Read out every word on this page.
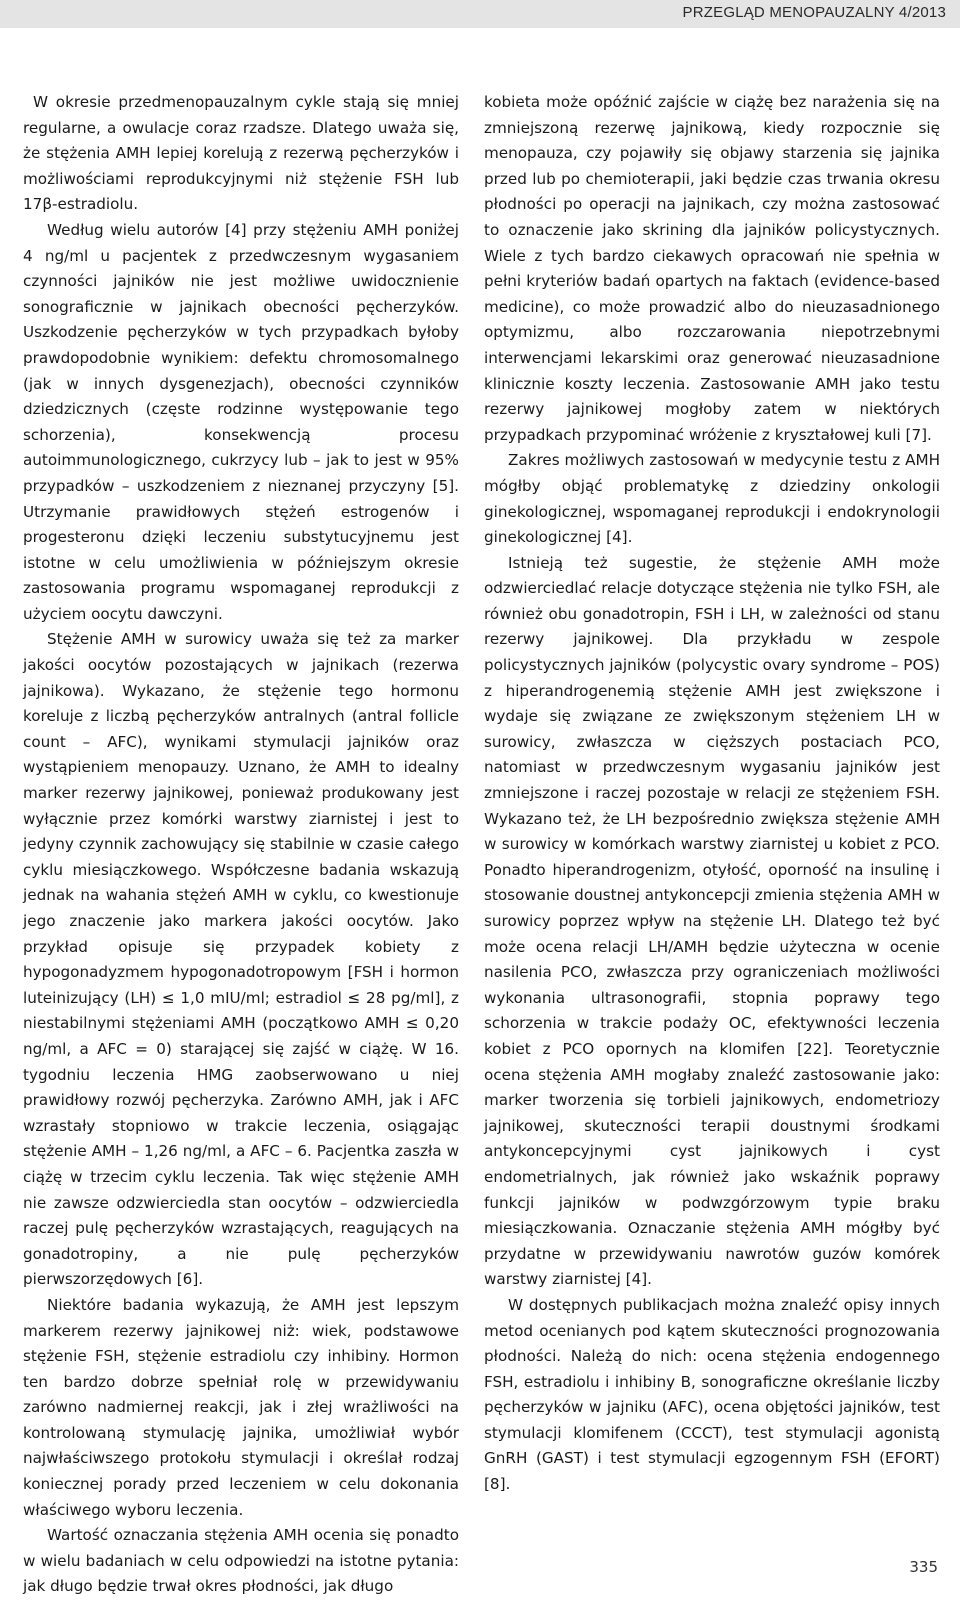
PRZEGLĄD MENOPAUZALNY 4/2013

W okresie przedmenopauzalnym cykle stają się mniej regularne, a owulacje coraz rzadsze. Dlatego uważa się, że stężenia AMH lepiej korelują z rezerwą pęcherzyków i możliwościami reprodukcyjnymi niż stężenie FSH lub 17β-estradiolu.

Według wielu autorów [4] przy stężeniu AMH poniżej 4 ng/ml u pacjentek z przedwczesnym wygasaniem czynności jajników nie jest możliwe uwidocznienie sonograficznie w jajnikach obecności pęcherzyków. Uszkodzenie pęcherzyków w tych przypadkach byłoby prawdopodobnie wynikiem: defektu chromosomalnego (jak w innych dysgenezjach), obecności czynników dziedzicznych (częste rodzinne występowanie tego schorzenia), konsekwencją procesu autoimmunologicznego, cukrzycy lub – jak to jest w 95% przypadków – uszkodzeniem z nieznanej przyczyny [5]. Utrzymanie prawidłowych stężeń estrogenów i progesteronu dzięki leczeniu substytucyjnemu jest istotne w celu umożliwienia w późniejszym okresie zastosowania programu wspomaganej reprodukcji z użyciem oocytu dawczyni.

Stężenie AMH w surowicy uważa się też za marker jakości oocytów pozostających w jajnikach (rezerwa jajnikowa). Wykazano, że stężenie tego hormonu koreluje z liczbą pęcherzyków antralnych (antral follicle count – AFC), wynikami stymulacji jajników oraz wystąpieniem menopauzy. Uznano, że AMH to idealny marker rezerwy jajnikowej, ponieważ produkowany jest wyłącznie przez komórki warstwy ziarnistej i jest to jedyny czynnik zachowujący się stabilnie w czasie całego cyklu miesiączkowego. Współczesne badania wskazują jednak na wahania stężeń AMH w cyklu, co kwestionuje jego znaczenie jako markera jakości oocytów. Jako przykład opisuje się przypadek kobiety z hypogonadyzmem hypogonadotropowym [FSH i hormon luteinizujący (LH) ≤ 1,0 mIU/ml; estradiol ≤ 28 pg/ml], z niestabilnymi stężeniami AMH (początkowo AMH ≤ 0,20 ng/ml, a AFC = 0) starającej się zajść w ciążę. W 16. tygodniu leczenia HMG zaobserwowano u niej prawidłowy rozwój pęcherzyka. Zarówno AMH, jak i AFC wzrastały stopniowo w trakcie leczenia, osiągając stężenie AMH – 1,26 ng/ml, a AFC – 6. Pacjentka zaszła w ciążę w trzecim cyklu leczenia. Tak więc stężenie AMH nie zawsze odzwierciedla stan oocytów – odzwierciedla raczej pulę pęcherzyków wzrastających, reagujących na gonadotropiny, a nie pulę pęcherzyków pierwszorzędowych [6].

Niektóre badania wykazują, że AMH jest lepszym markerem rezerwy jajnikowej niż: wiek, podstawowe stężenie FSH, stężenie estradiolu czy inhibiny. Hormon ten bardzo dobrze spełniał rolę w przewidywaniu zarówno nadmiernej reakcji, jak i złej wrażliwości na kontrolowaną stymulację jajnika, umożliwiał wybór najwłaściwszego protokołu stymulacji i określał rodzaj koniecznej porady przed leczeniem w celu dokonania właściwego wyboru leczenia.

Wartość oznaczania stężenia AMH ocenia się ponadto w wielu badaniach w celu odpowiedzi na istotne pytania: jak długo będzie trwał okres płodności, jak długo

kobieta może opóźnić zajście w ciążę bez narażenia się na zmniejszoną rezerwę jajnikową, kiedy rozpocznie się menopauza, czy pojawiły się objawy starzenia się jajnika przed lub po chemioterapii, jaki będzie czas trwania okresu płodności po operacji na jajnikach, czy można zastosować to oznaczenie jako skrining dla jajników policystycznych. Wiele z tych bardzo ciekawych opracowań nie spełnia w pełni kryteriów badań opartych na faktach (evidence-based medicine), co może prowadzić albo do nieuzasadnionego optymizmu, albo rozczarowania niepotrzebnymi interwencjami lekarskimi oraz generować nieuzasadnione klinicznie koszty leczenia. Zastosowanie AMH jako testu rezerwy jajnikowej mogłoby zatem w niektórych przypadkach przypominać wróżenie z kryształowej kuli [7].

Zakres możliwych zastosowań w medycynie testu z AMH mógłby objąć problematykę z dziedziny onkologii ginekologicznej, wspomaganej reprodukcji i endokrynologii ginekologicznej [4].

Istnieją też sugestie, że stężenie AMH może odzwierciedlać relacje dotyczące stężenia nie tylko FSH, ale również obu gonadotropin, FSH i LH, w zależności od stanu rezerwy jajnikowej. Dla przykładu w zespole policystycznych jajników (polycystic ovary syndrome – POS) z hiperandrogenemią stężenie AMH jest zwiększone i wydaje się związane ze zwiększonym stężeniem LH w surowicy, zwłaszcza w cięższych postaciach PCO, natomiast w przedwczesnym wygasaniu jajników jest zmniejszone i raczej pozostaje w relacji ze stężeniem FSH. Wykazano też, że LH bezpośrednio zwiększa stężenie AMH w surowicy w komórkach warstwy ziarnistej u kobiet z PCO. Ponadto hiperandrogenizm, otyłość, oporność na insulinę i stosowanie doustnej antykoncepcji zmienia stężenia AMH w surowicy poprzez wpływ na stężenie LH. Dlatego też być może ocena relacji LH/AMH będzie użyteczna w ocenie nasilenia PCO, zwłaszcza przy ograniczeniach możliwości wykonania ultrasonografii, stopnia poprawy tego schorzenia w trakcie podaży OC, efektywności leczenia kobiet z PCO opornych na klomifen [22]. Teoretycznie ocena stężenia AMH mogłaby znaleźć zastosowanie jako: marker tworzenia się torbieli jajnikowych, endometriozy jajnikowej, skuteczności terapii doustnymi środkami antykoncepcyjnymi cyst jajnikowych i cyst endometrialnych, jak również jako wskaźnik poprawy funkcji jajników w podwzgórzowym typie braku miesiączkowania. Oznaczanie stężenia AMH mógłby być przydatne w przewidywaniu nawrotów guzów komórek warstwy ziarnistej [4].

W dostępnych publikacjach można znaleźć opisy innych metod ocenianych pod kątem skuteczności prognozowania płodności. Należą do nich: ocena stężenia endogennego FSH, estradiolu i inhibiny B, sonograficzne określanie liczby pęcherzyków w jajniku (AFC), ocena objętości jajników, test stymulacji klomifenem (CCCT), test stymulacji agonistą GnRH (GAST) i test stymulacji egzogennym FSH (EFORT) [8].

335
